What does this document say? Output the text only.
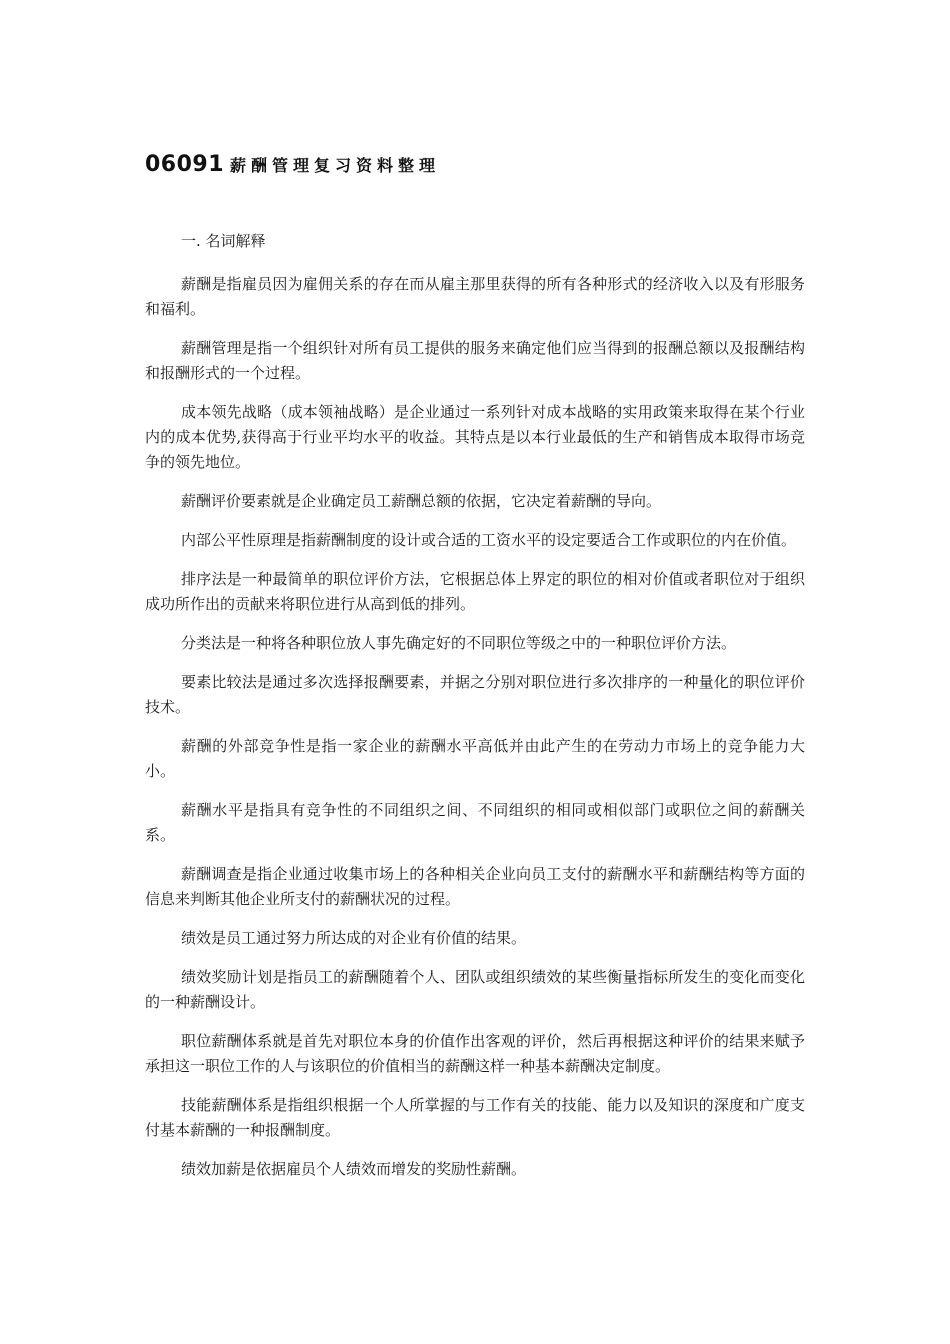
06091 薪酬管理复习资料整理

一. 名词解释

薪酬是指雇员因为雇佣关系的存在而从雇主那里获得的所有各种形式的经济收入以及有形服务和福利。

薪酬管理是指一个组织针对所有员工提供的服务来确定他们应当得到的报酬总额以及报酬结构和报酬形式的一个过程。

成本领先战略（成本领袖战略）是企业通过一系列针对成本战略的实用政策来取得在某个行业内的成本优势,获得高于行业平均水平的收益。其特点是以本行业最低的生产和销售成本取得市场竞争的领先地位。

薪酬评价要素就是企业确定员工薪酬总额的依据，它决定着薪酬的导向。

内部公平性原理是指薪酬制度的设计或合适的工资水平的设定要适合工作或职位的内在价值。

排序法是一种最简单的职位评价方法，它根据总体上界定的职位的相对价值或者职位对于组织成功所作出的贡献来将职位进行从高到低的排列。

分类法是一种将各种职位放人事先确定好的不同职位等级之中的一种职位评价方法。

要素比较法是通过多次选择报酬要素，并据之分别对职位进行多次排序的一种量化的职位评价技术。

薪酬的外部竞争性是指一家企业的薪酬水平高低并由此产生的在劳动力市场上的竞争能力大小。

薪酬水平是指具有竞争性的不同组织之间、不同组织的相同或相似部门或职位之间的薪酬关系。

薪酬调查是指企业通过收集市场上的各种相关企业向员工支付的薪酬水平和薪酬结构等方面的信息来判断其他企业所支付的薪酬状况的过程。

绩效是员工通过努力所达成的对企业有价值的结果。

绩效奖励计划是指员工的薪酬随着个人、团队或组织绩效的某些衡量指标所发生的变化而变化的一种薪酬设计。

职位薪酬体系就是首先对职位本身的价值作出客观的评价，然后再根据这种评价的结果来赋予承担这一职位工作的人与该职位的价值相当的薪酬这样一种基本薪酬决定制度。

技能薪酬体系是指组织根据一个人所掌握的与工作有关的技能、能力以及知识的深度和广度支付基本薪酬的一种报酬制度。

绩效加薪是依据雇员个人绩效而增发的奖励性薪酬。
